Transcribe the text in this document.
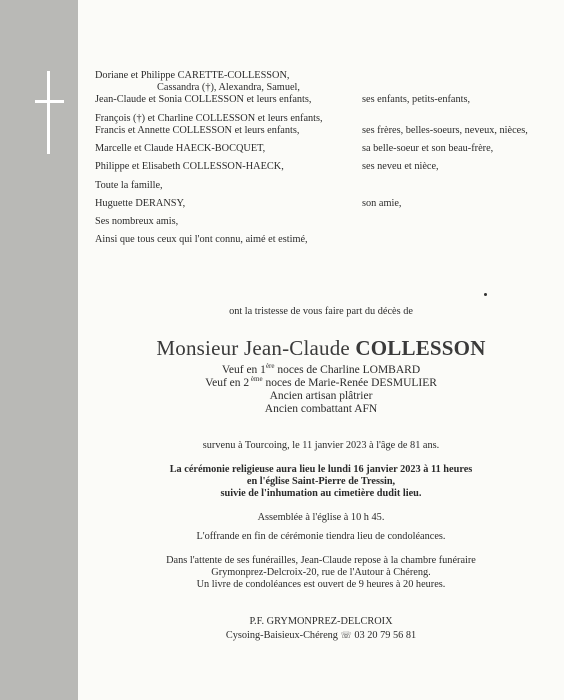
Doriane et Philippe CARETTE-COLLESSON,
Cassandra (†), Alexandra, Samuel,
Jean-Claude et Sonia COLLESSON et leurs enfants,
François (†) et Charline COLLESSON et leurs enfants,
Francis et Annette COLLESSON et leurs enfants,
Marcelle et Claude HAECK-BOCQUET,
Philippe et Elisabeth COLLESSON-HAECK,
Toute la famille,
Huguette DERANSY,
Ses nombreux amis,
Ainsi que tous ceux qui l'ont connu, aimé et estimé,
ses enfants, petits-enfants,
ses frères, belles-soeurs, neveux, nièces,
sa belle-soeur et son beau-frère,
ses neveu et nièce,
son amie,
ont la tristesse de vous faire part du décès de
Monsieur Jean-Claude COLLESSON
Veuf en 1ère noces de Charline LOMBARD
Veuf en 2 $^{ème}$ noces de Marie-Renée DESMULIER
Ancien artisan plâtrier
Ancien combattant AFN
survenu à Tourcoing, le 11 janvier 2023 à l'âge de 81 ans.
La cérémonie religieuse aura lieu le lundi 16 janvier 2023 à 11 heures
en l'église Saint-Pierre de Tressin,
suivie de l'inhumation au cimetière dudit lieu.
Assemblée à l'église à 10 h 45.
L'offrande en fin de cérémonie tiendra lieu de condoléances.
Dans l'attente de ses funérailles, Jean-Claude repose à la chambre funéraire
Grymonprez-Delcroix-20, rue de l'Autour à Chéreng.
Un livre de condoléances est ouvert de 9 heures à 20 heures.
P.F. GRYMONPREZ-DELCROIX
Cysoing-Baisieux-Chéreng ☏ 03 20 79 56 81
